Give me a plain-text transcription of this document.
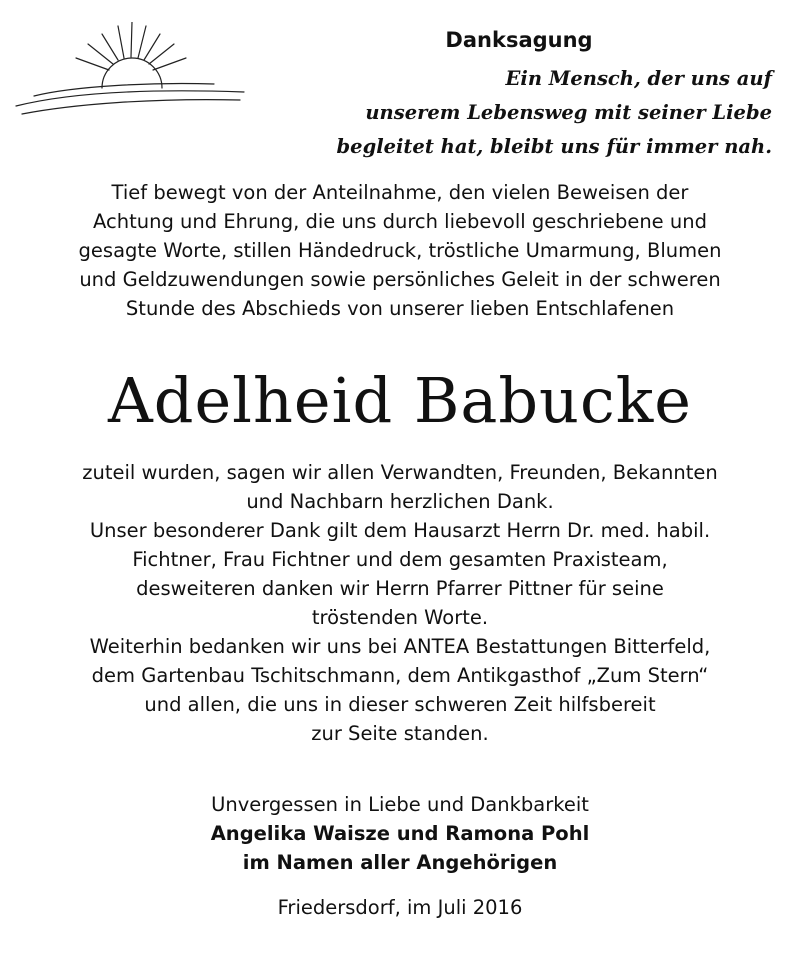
Danksagung
Ein Mensch, der uns auf
unserem Lebensweg mit seiner Liebe
begleitet hat, bleibt uns für immer nah.
Tief bewegt von der Anteilnahme, den vielen Beweisen der
Achtung und Ehrung, die uns durch liebevoll geschriebene und
gesagte Worte, stillen Händedruck, tröstliche Umarmung, Blumen
und Geldzuwendungen sowie persönliches Geleit in der schweren
Stunde des Abschieds von unserer lieben Entschlafenen
Adelheid Babucke
zuteil wurden, sagen wir allen Verwandten, Freunden, Bekannten
und Nachbarn herzlichen Dank.
Unser besonderer Dank gilt dem Hausarzt Herrn Dr. med. habil.
Fichtner, Frau Fichtner und dem gesamten Praxisteam,
desweiteren danken wir Herrn Pfarrer Pittner für seine
tröstenden Worte.
Weiterhin bedanken wir uns bei ANTEA Bestattungen Bitterfeld,
dem Gartenbau Tschitschmann, dem Antikgasthof „Zum Stern“
und allen, die uns in dieser schweren Zeit hilfsbereit
zur Seite standen.
Unvergessen in Liebe und Dankbarkeit
Angelika Waisze und Ramona Pohl
im Namen aller Angehörigen
Friedersdorf, im Juli 2016
